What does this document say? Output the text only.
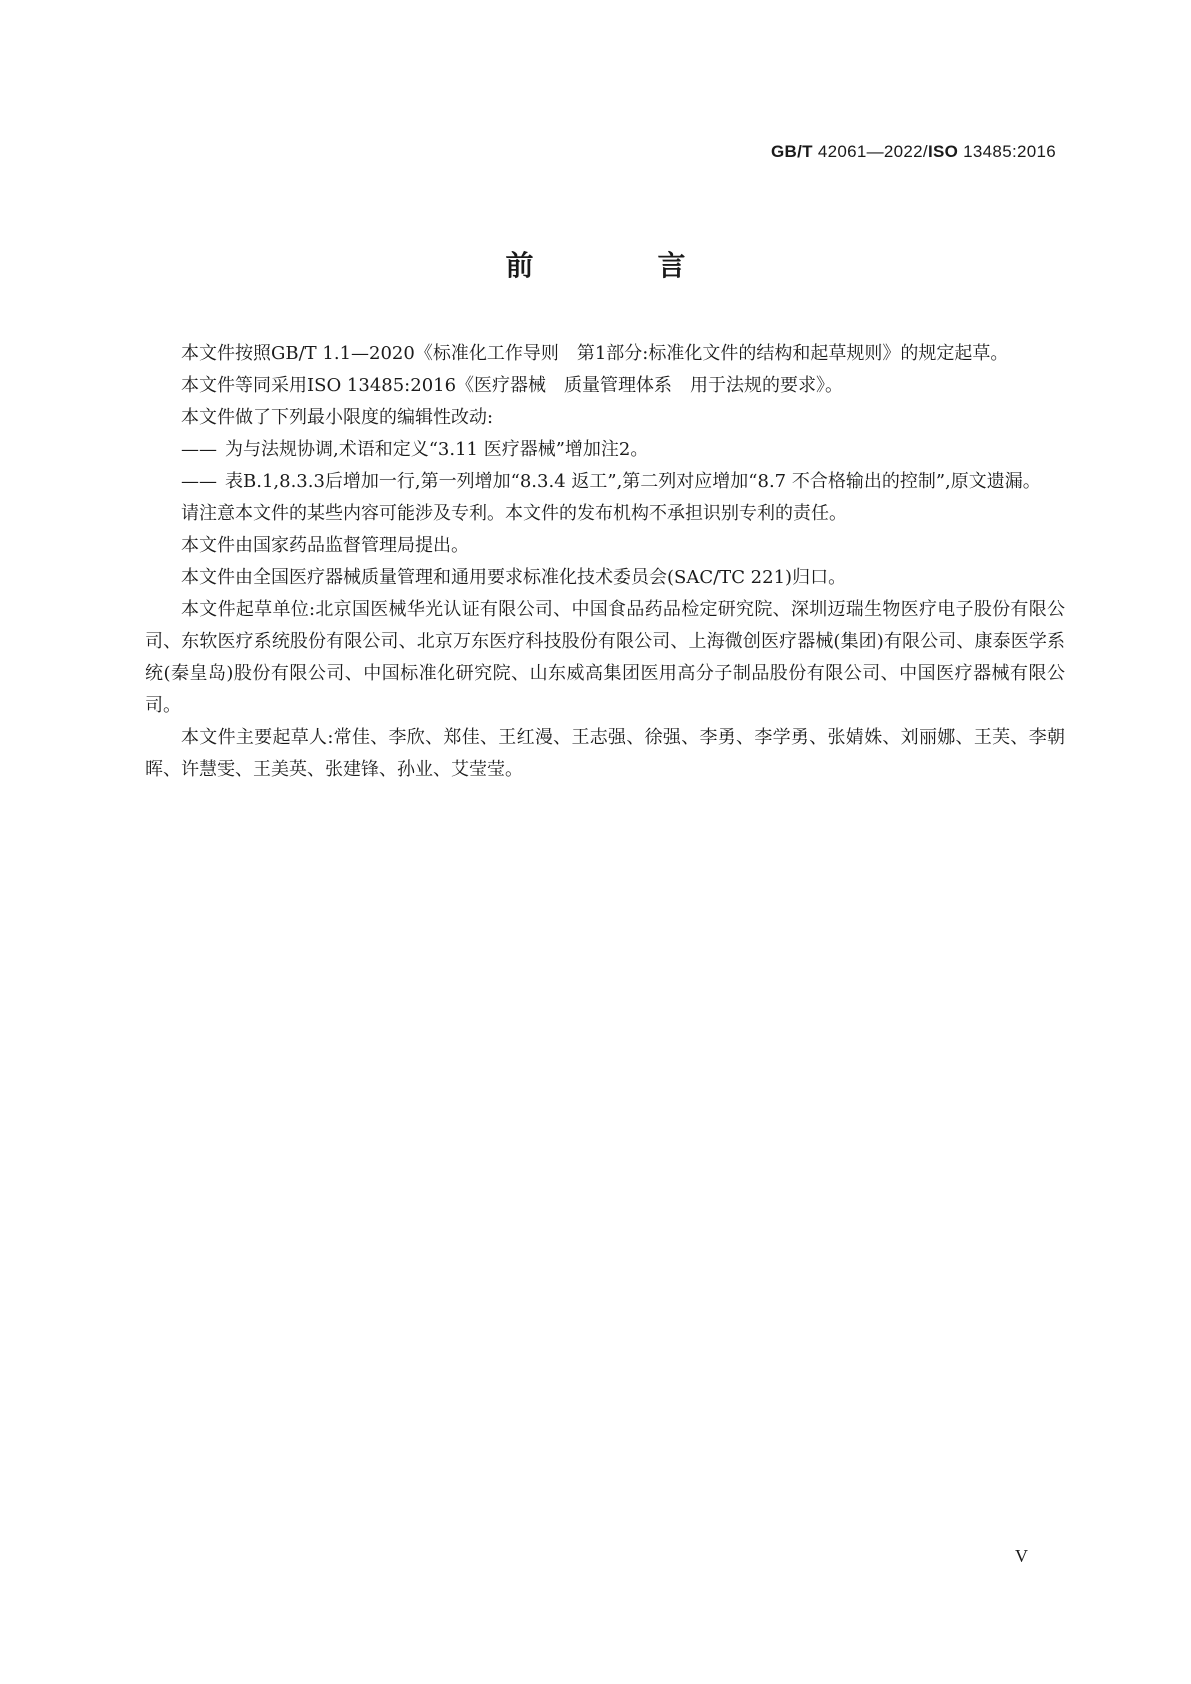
GB/T 42061—2022/ISO 13485:2016
前　言

本文件按照GB/T 1.1—2020《标准化工作导则　第1部分:标准化文件的结构和起草规则》的规定起草。

本文件等同采用ISO 13485:2016《医疗器械　质量管理体系　用于法规的要求》。

本文件做了下列最小限度的编辑性改动:

—— 为与法规协调,术语和定义“3.11 医疗器械”增加注2。

—— 表B.1,8.3.3后增加一行,第一列增加“8.3.4 返工”,第二列对应增加“8.7 不合格输出的控制”,原文遗漏。

请注意本文件的某些内容可能涉及专利。本文件的发布机构不承担识别专利的责任。

本文件由国家药品监督管理局提出。

本文件由全国医疗器械质量管理和通用要求标准化技术委员会(SAC/TC 221)归口。

本文件起草单位:北京国医械华光认证有限公司、中国食品药品检定研究院、深圳迈瑞生物医疗电子股份有限公司、东软医疗系统股份有限公司、北京万东医疗科技股份有限公司、上海微创医疗器械(集团)有限公司、康泰医学系统(秦皇岛)股份有限公司、中国标准化研究院、山东威高集团医用高分子制品股份有限公司、中国医疗器械有限公司。

本文件主要起草人:常佳、李欣、郑佳、王红漫、王志强、徐强、李勇、李学勇、张婧姝、刘丽娜、王芙、李朝晖、许慧雯、王美英、张建锋、孙业、艾莹莹。

V
